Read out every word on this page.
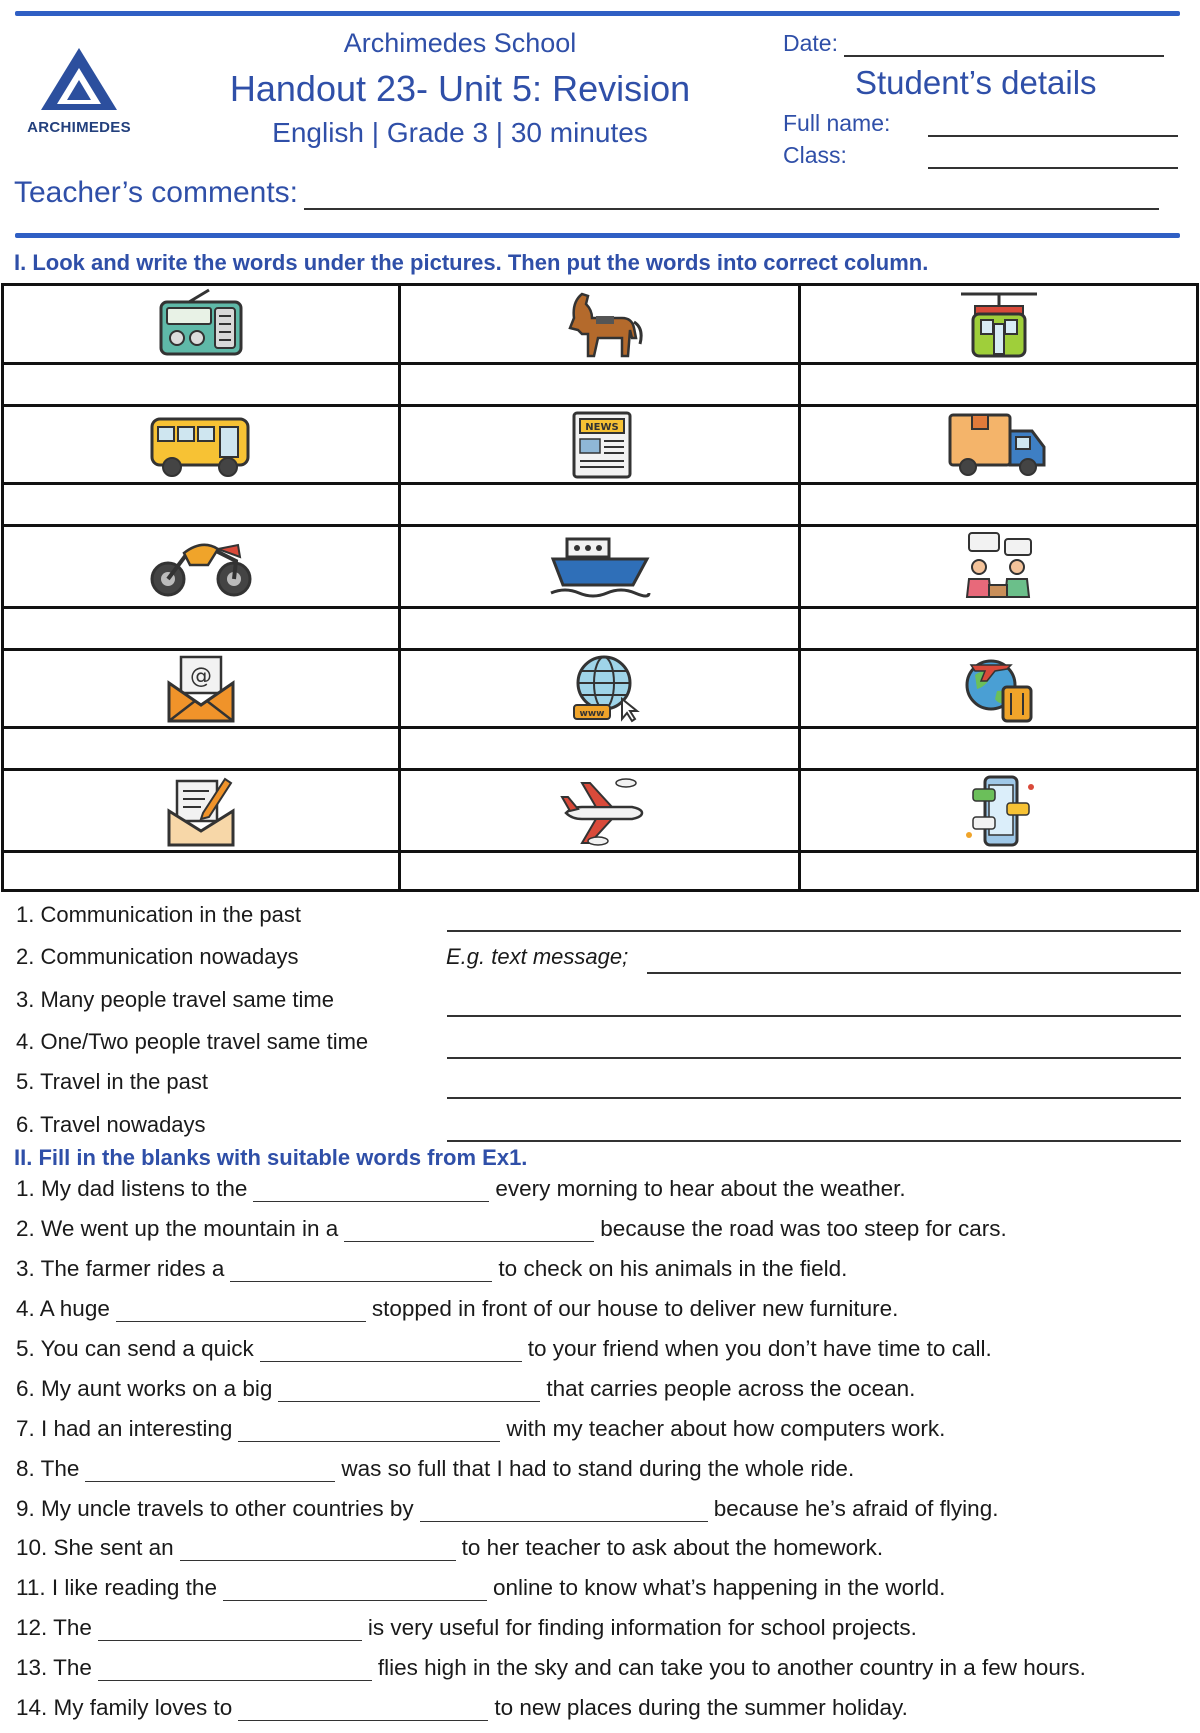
ARCHIMEDES
Archimedes School
Handout 23- Unit 5: Revision
English | Grade 3 | 30 minutes
Date:
Student’s details
Full name:
Class:
Teacher’s comments:
I. Look and write the words under the pictures. Then put the words into correct column.
NEWS
@
www
1. Communication in the past
2. Communication nowadays	E.g. text message;
3. Many people travel same time
4. One/Two people travel same time
5. Travel in the past
6. Travel nowadays
II. Fill in the blanks with suitable words from Ex1.
1. My dad listens to the	every morning to hear about the weather.
2. We went up the mountain in a	because the road was too steep for cars.
3. The farmer rides a	to check on his animals in the field.
4. A huge	stopped in front of our house to deliver new furniture.
5. You can send a quick	to your friend when you don’t have time to call.
6. My aunt works on a big	that carries people across the ocean.
7. I had an interesting	with my teacher about how computers work.
8. The	was so full that I had to stand during the whole ride.
9. My uncle travels to other countries by	because he’s afraid of flying.
10. She sent an	to her teacher to ask about the homework.
11. I like reading the	online to know what’s happening in the world.
12. The	is very useful for finding information for school projects.
13. The	flies high in the sky and can take you to another country in a few hours.
14. My family loves to	to new places during the summer holiday.
